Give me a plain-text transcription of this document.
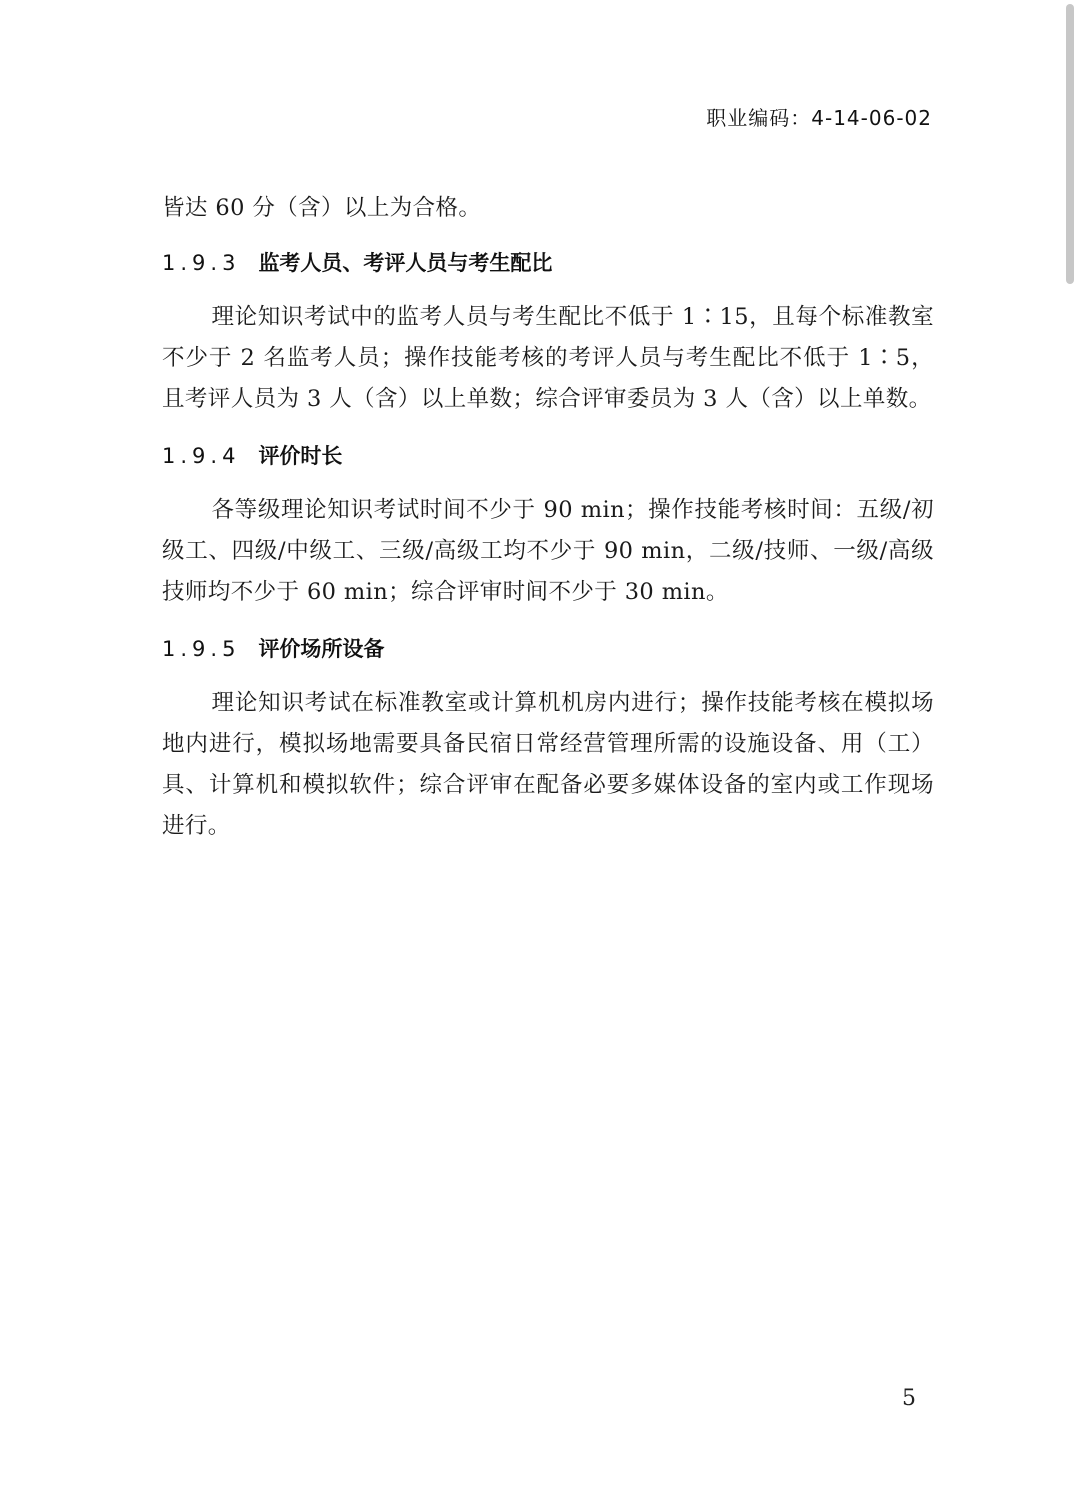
职业编码：4-14-06-02

皆达 60 分（含）以上为合格。

1.9.3 监考人员、考评人员与考生配比

理论知识考试中的监考人员与考生配比不低于 1∶15，且每个标准教室不少于 2 名监考人员；操作技能考核的考评人员与考生配比不低于 1∶5，且考评人员为 3 人（含）以上单数；综合评审委员为 3 人（含）以上单数。

1.9.4 评价时长

各等级理论知识考试时间不少于 90 min；操作技能考核时间：五级/初级工、四级/中级工、三级/高级工均不少于 90 min，二级/技师、一级/高级技师均不少于 60 min；综合评审时间不少于 30 min。

1.9.5 评价场所设备

理论知识考试在标准教室或计算机机房内进行；操作技能考核在模拟场地内进行，模拟场地需要具备民宿日常经营管理所需的设施设备、用（工）具、计算机和模拟软件；综合评审在配备必要多媒体设备的室内或工作现场进行。

5
